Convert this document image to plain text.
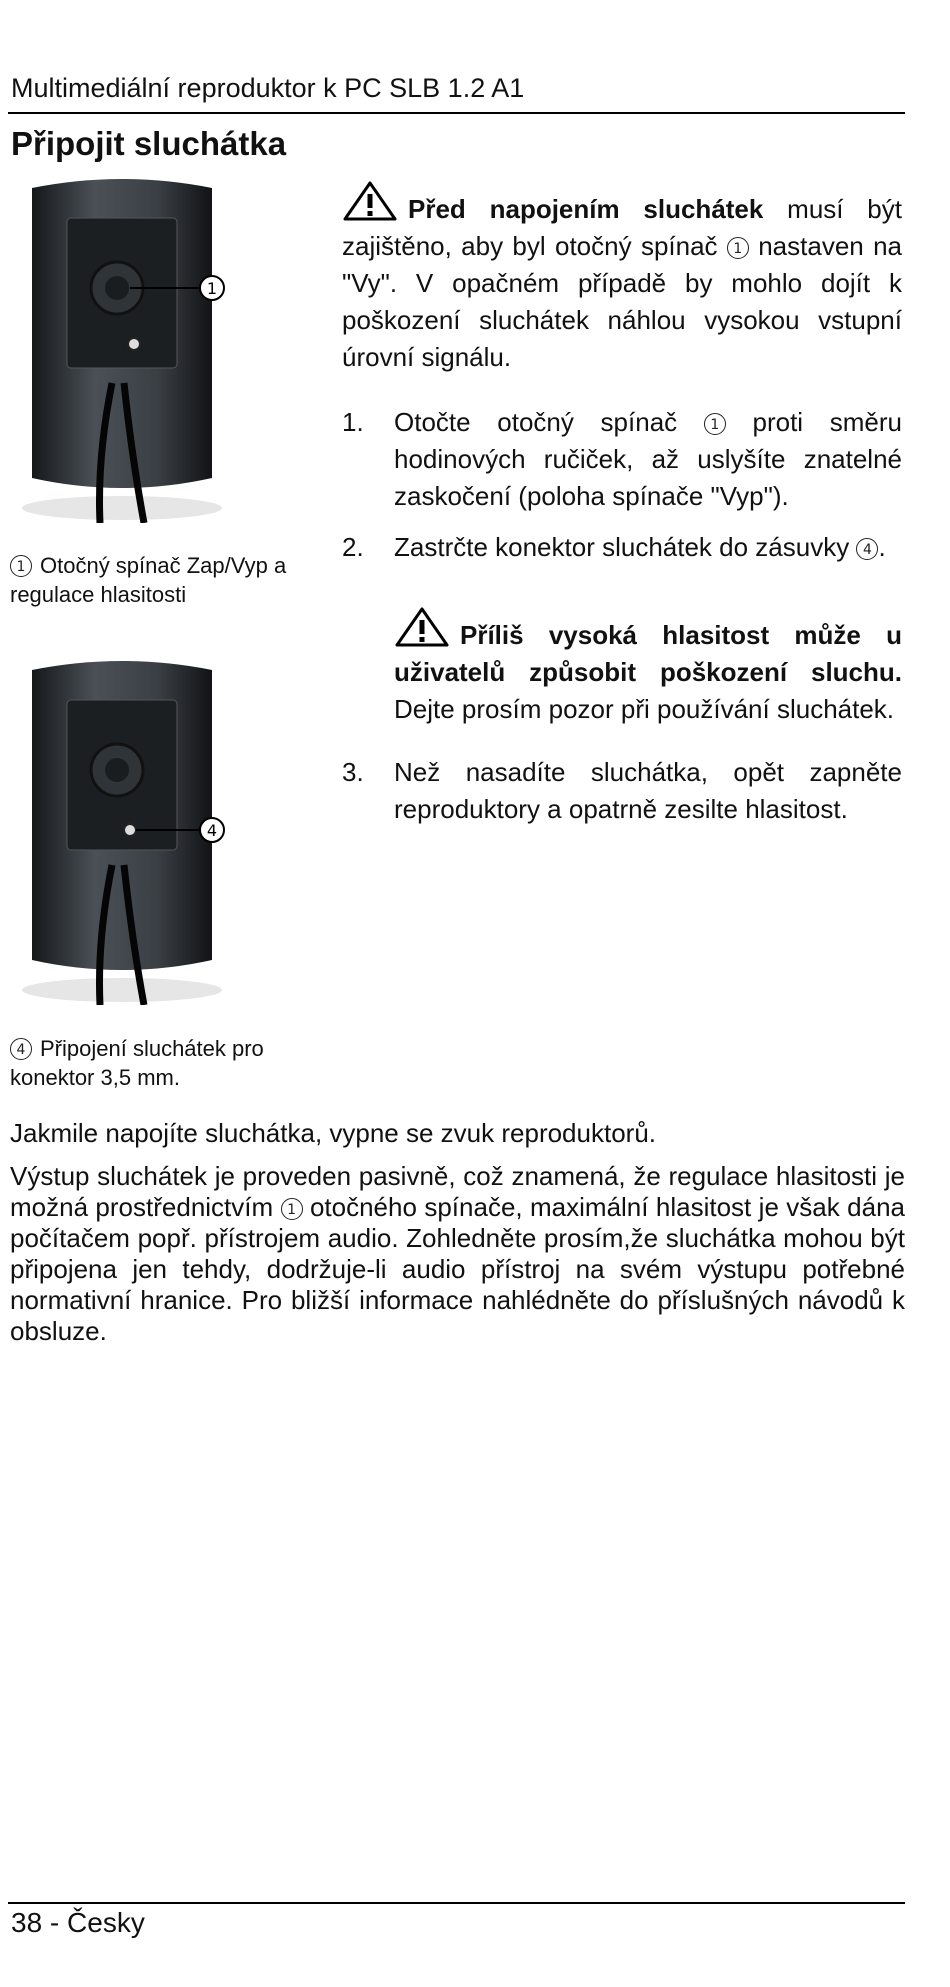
Multimediální reproduktor k PC SLB 1.2 A1
Připojit sluchátka
1
1 Otočný spínač Zap/Vyp a regulace hlasitosti
4
4 Připojení sluchátek pro konektor 3,5 mm.

Před napojením sluchátek musí být zajištěno, aby byl otočný spínač 1 nastaven na "Vy". V opačném případě by mohlo dojít k poškození sluchátek náhlou vysokou vstupní úrovní signálu.

1.	Otočte otočný spínač 1 proti směru hodinových ručiček, až uslyšíte znatelné zaskočení (poloha spínače "Vyp").
2.	Zastrčte konektor sluchátek do zásuvky 4 .

Příliš vysoká hlasitost může u uživatelů způsobit poškození sluchu. Dejte prosím pozor při používání sluchátek.

3.	Než nasadíte sluchátka, opět zapněte reproduktory a opatrně zesilte hlasitost.

Jakmile napojíte sluchátka, vypne se zvuk reproduktorů.

Výstup sluchátek je proveden pasivně, což znamená, že regulace hlasitosti je možná prostřednictvím 1 otočného spínače, maximální hlasitost je však dána počítačem popř. přístrojem audio. Zohledněte prosím,že sluchátka mohou být připojena jen tehdy, dodržuje-li audio přístroj na svém výstupu potřebné normativní hranice. Pro bližší informace nahlédněte do příslušných návodů k obsluze.

38 - Česky
